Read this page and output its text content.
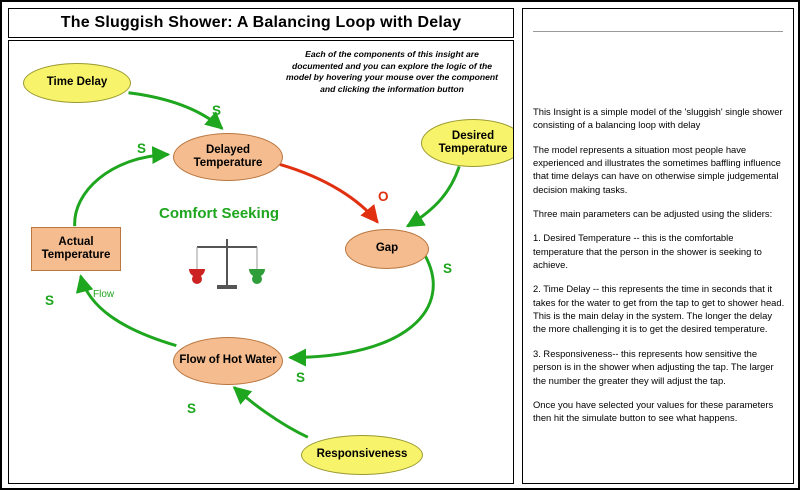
The Sluggish Shower: A Balancing Loop with Delay
Each of the components of this insight are documented and you can explore the logic of the model by hovering your mouse over the component and clicking the information button
Time Delay
Delayed Temperature
Desired Temperature
Gap
Actual Temperature
Flow of Hot Water
Responsiveness
S
S
O
S
S
S
S
Comfort Seeking
Flow

This Insight is a simple model of the 'sluggish' single shower consisting of a balancing loop with delay

The model represents a situation most people have experienced and illustrates the sometimes baffling influence that time delays can have on otherwise simple judgemental decision making tasks.

Three main parameters can be adjusted using the sliders:

1. Desired Temperature -- this is the comfortable temperature that the person in the shower is seeking to achieve.

2. Time Delay -- this represents the time in seconds that it takes for the water to get from the tap to get to shower head. This is the main delay in the system. The longer the delay the more challenging it is to get the desired temperature.

3. Responsiveness-- this represents how sensitive the person is in the shower when adjusting the tap. The larger the number the greater they will adjust the tap.

Once you have selected your values for these parameters then hit the simulate button to see what happens.
